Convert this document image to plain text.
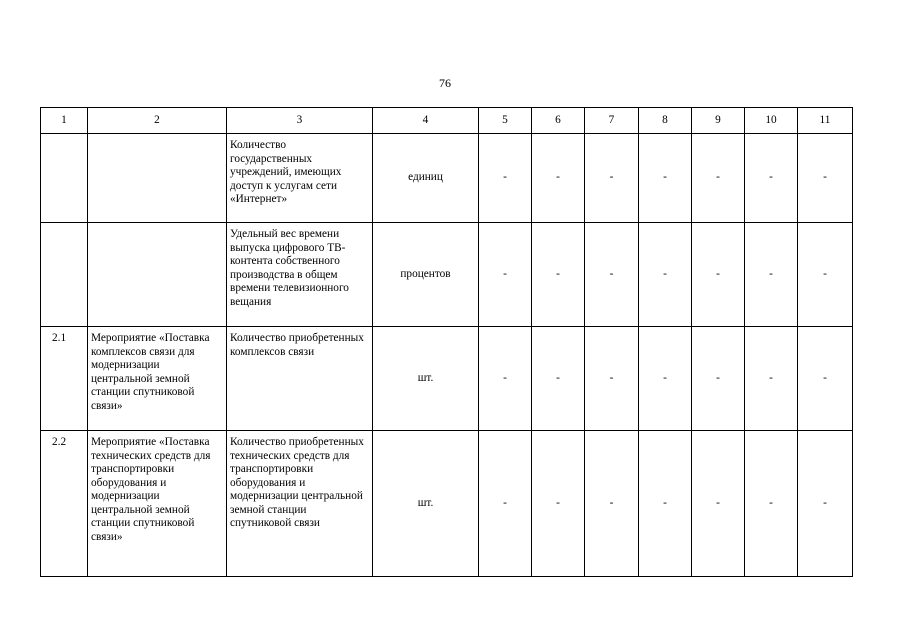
76
1	2	3	4	5	6	7	8	9	10	11
		Количество государственных учреждений, имеющих доступ к услугам сети «Интернет»	единиц	-	-	-	-	-	-	-
		Удельный вес времени выпуска цифрового ТВ-контента собственного производства в общем времени телевизионного вещания	процентов	-	-	-	-	-	-	-
2.1	Мероприятие «Поставка комплексов связи для модернизации центральной земной станции спутниковой связи»	Количество приобретенных комплексов связи	шт.	-	-	-	-	-	-	-
2.2	Мероприятие «Поставка технических средств для транспортировки оборудования и модернизации центральной земной станции спутниковой связи»	Количество приобретенных технических средств для транспортировки оборудования и модернизации центральной земной станции спутниковой связи	шт.	-	-	-	-	-	-	-
